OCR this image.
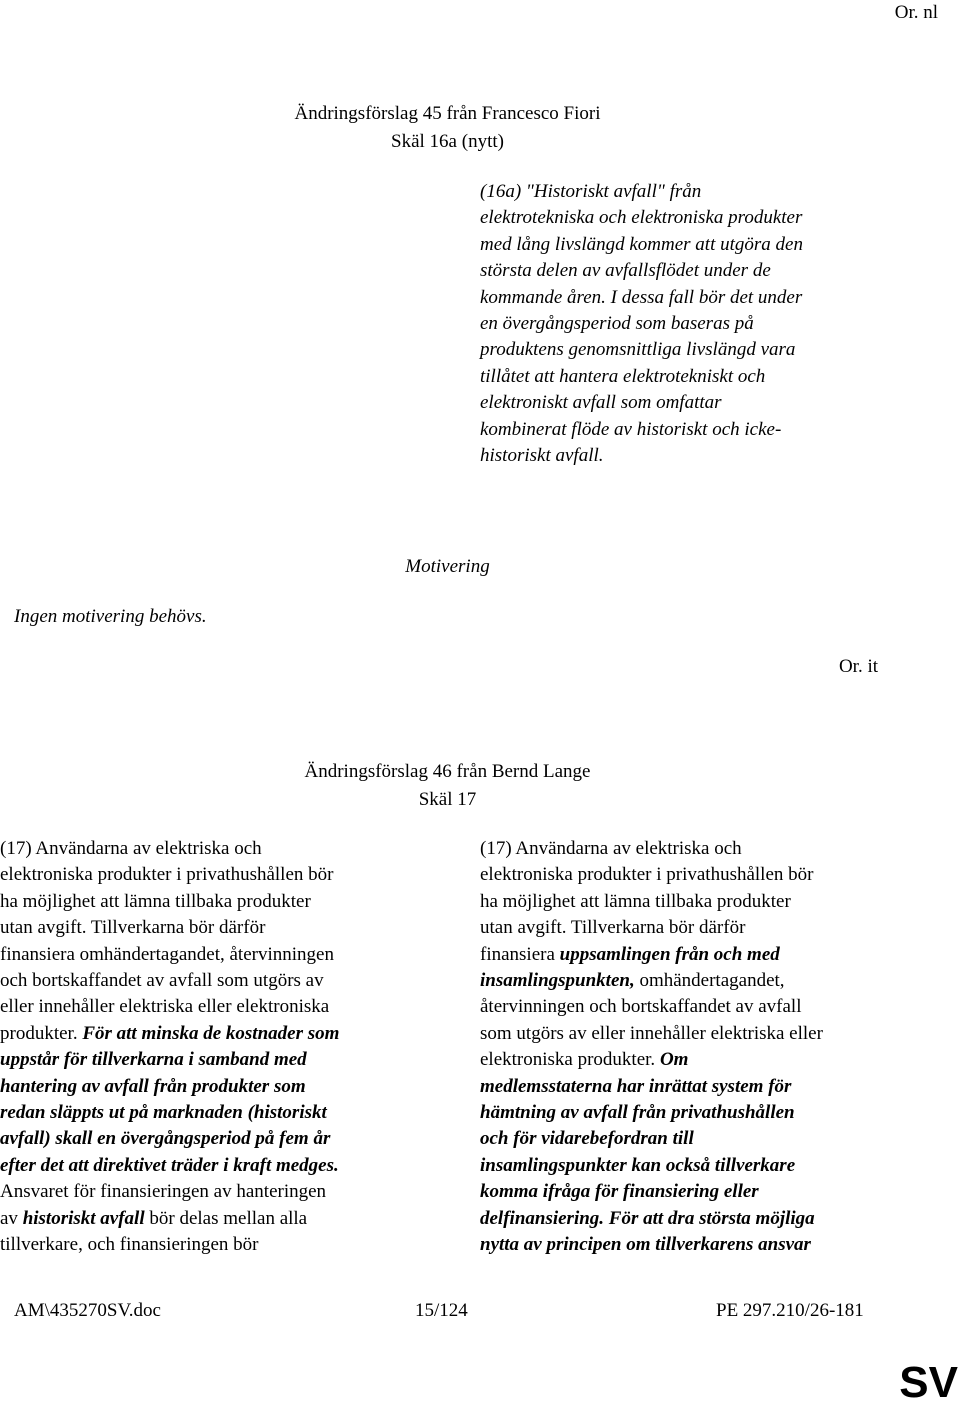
Or. nl
Ändringsförslag 45 från Francesco Fiori
Skäl 16a (nytt)
(16a) "Historiskt avfall" från
elektrotekniska och elektroniska produkter
med lång livslängd kommer att utgöra den
största delen av avfallsflödet under de
kommande åren. I dessa fall bör det under
en övergångsperiod som baseras på
produktens genomsnittliga livslängd vara
tillåtet att hantera elektrotekniskt och
elektroniskt avfall som omfattar
kombinerat flöde av historiskt och icke-
historiskt avfall.
Motivering
Ingen motivering behövs.
Or. it
Ändringsförslag 46 från Bernd Lange
Skäl 17
(17) Användarna av elektriska och
elektroniska produkter i privathushållen bör
ha möjlighet att lämna tillbaka produkter
utan avgift. Tillverkarna bör därför
finansiera omhändertagandet, återvinningen
och bortskaffandet av avfall som utgörs av
eller innehåller elektriska eller elektroniska
produkter. För att minska de kostnader som
uppstår för tillverkarna i samband med
hantering av avfall från produkter som
redan släppts ut på marknaden (historiskt
avfall) skall en övergångsperiod på fem år
efter det att direktivet träder i kraft medges.
Ansvaret för finansieringen av hanteringen
av historiskt avfall bör delas mellan alla
tillverkare, och finansieringen bör
(17) Användarna av elektriska och
elektroniska produkter i privathushållen bör
ha möjlighet att lämna tillbaka produkter
utan avgift. Tillverkarna bör därför
finansiera uppsamlingen från och med
insamlingspunkten, omhändertagandet,
återvinningen och bortskaffandet av avfall
som utgörs av eller innehåller elektriska eller
elektroniska produkter. Om
medlemsstaterna har inrättat system för
hämtning av avfall från privathushållen
och för vidarebefordran till
insamlingspunkter kan också tillverkare
komma ifråga för finansiering eller
delfinansiering. För att dra största möjliga
nytta av principen om tillverkarens ansvar
AM\435270SV.doc	15/124	PE 297.210/26-181
SV
